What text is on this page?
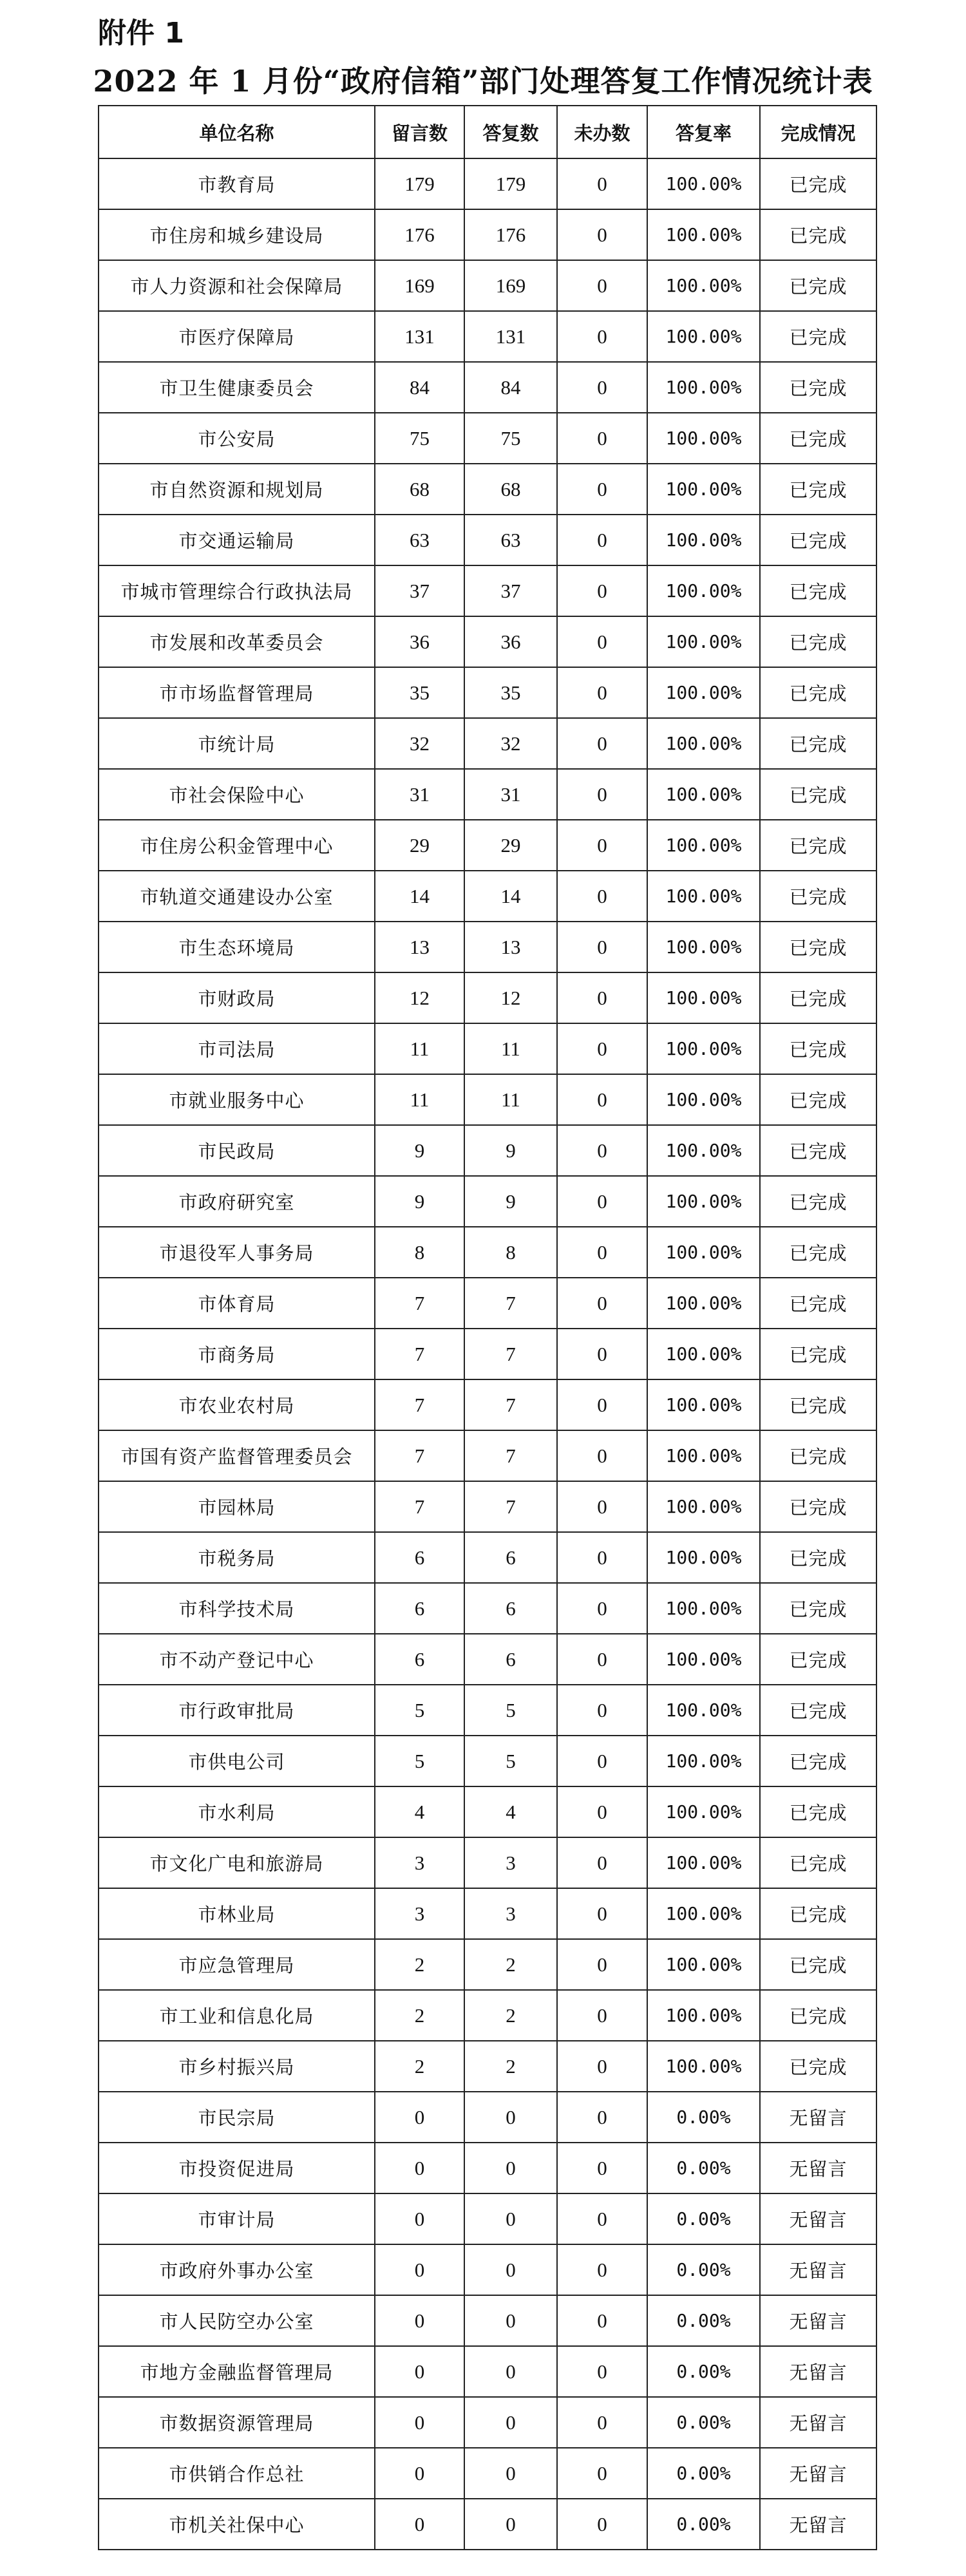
附件 1
2022 年 1 月份“政府信箱”部门处理答复工作情况统计表
单位名称	留言数	答复数	未办数	答复率	完成情况
市教育局	179	179	0	100.00%	已完成
市住房和城乡建设局	176	176	0	100.00%	已完成
市人力资源和社会保障局	169	169	0	100.00%	已完成
市医疗保障局	131	131	0	100.00%	已完成
市卫生健康委员会	84	84	0	100.00%	已完成
市公安局	75	75	0	100.00%	已完成
市自然资源和规划局	68	68	0	100.00%	已完成
市交通运输局	63	63	0	100.00%	已完成
市城市管理综合行政执法局	37	37	0	100.00%	已完成
市发展和改革委员会	36	36	0	100.00%	已完成
市市场监督管理局	35	35	0	100.00%	已完成
市统计局	32	32	0	100.00%	已完成
市社会保险中心	31	31	0	100.00%	已完成
市住房公积金管理中心	29	29	0	100.00%	已完成
市轨道交通建设办公室	14	14	0	100.00%	已完成
市生态环境局	13	13	0	100.00%	已完成
市财政局	12	12	0	100.00%	已完成
市司法局	11	11	0	100.00%	已完成
市就业服务中心	11	11	0	100.00%	已完成
市民政局	9	9	0	100.00%	已完成
市政府研究室	9	9	0	100.00%	已完成
市退役军人事务局	8	8	0	100.00%	已完成
市体育局	7	7	0	100.00%	已完成
市商务局	7	7	0	100.00%	已完成
市农业农村局	7	7	0	100.00%	已完成
市国有资产监督管理委员会	7	7	0	100.00%	已完成
市园林局	7	7	0	100.00%	已完成
市税务局	6	6	0	100.00%	已完成
市科学技术局	6	6	0	100.00%	已完成
市不动产登记中心	6	6	0	100.00%	已完成
市行政审批局	5	5	0	100.00%	已完成
市供电公司	5	5	0	100.00%	已完成
市水利局	4	4	0	100.00%	已完成
市文化广电和旅游局	3	3	0	100.00%	已完成
市林业局	3	3	0	100.00%	已完成
市应急管理局	2	2	0	100.00%	已完成
市工业和信息化局	2	2	0	100.00%	已完成
市乡村振兴局	2	2	0	100.00%	已完成
市民宗局	0	0	0	0.00%	无留言
市投资促进局	0	0	0	0.00%	无留言
市审计局	0	0	0	0.00%	无留言
市政府外事办公室	0	0	0	0.00%	无留言
市人民防空办公室	0	0	0	0.00%	无留言
市地方金融监督管理局	0	0	0	0.00%	无留言
市数据资源管理局	0	0	0	0.00%	无留言
市供销合作总社	0	0	0	0.00%	无留言
市机关社保中心	0	0	0	0.00%	无留言
